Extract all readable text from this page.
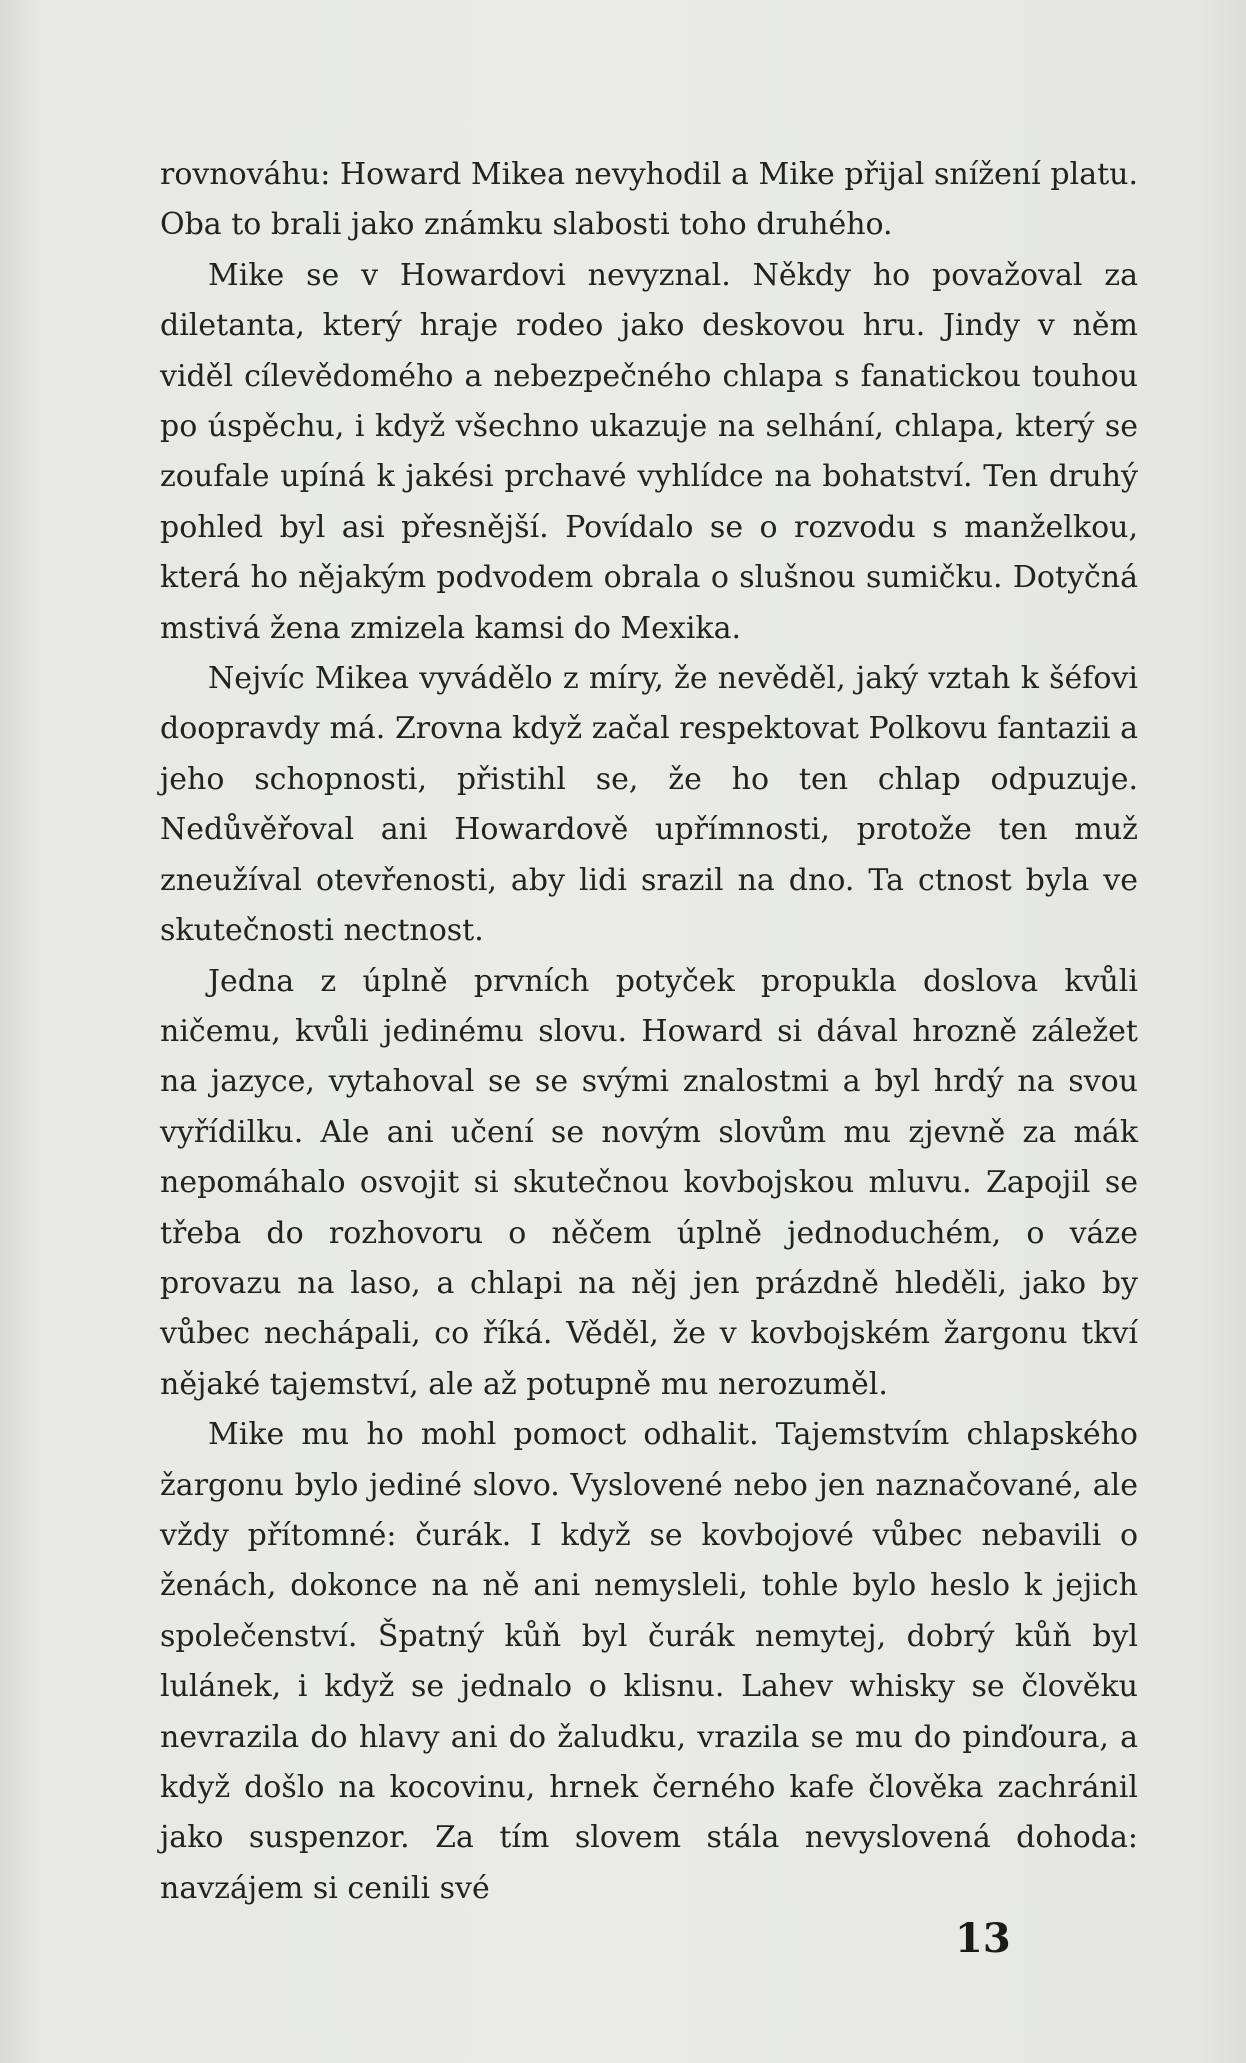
rovnováhu: Howard Mikea nevyhodil a Mike přijal snížení platu. Oba to brali jako známku slabosti toho druhého.

Mike se v Howardovi nevyznal. Někdy ho považoval za diletanta, který hraje rodeo jako deskovou hru. Jindy v něm viděl cílevědomého a nebezpečného chlapa s fanatickou touhou po úspěchu, i když všechno ukazuje na selhání, chlapa, který se zoufale upíná k jakési prchavé vyhlídce na bohatství. Ten druhý pohled byl asi přesnější. Povídalo se o rozvodu s manželkou, která ho nějakým podvodem obrala o slušnou sumičku. Dotyčná mstivá žena zmizela kamsi do Mexika.

Nejvíc Mikea vyvádělo z míry, že nevěděl, jaký vztah k šéfovi doopravdy má. Zrovna když začal respektovat Polkovu fantazii a jeho schopnosti, přistihl se, že ho ten chlap odpuzuje. Nedůvěřoval ani Howardově upřímnosti, protože ten muž zneužíval otevřenosti, aby lidi srazil na dno. Ta ctnost byla ve skutečnosti nectnost.

Jedna z úplně prvních potyček propukla doslova kvůli ničemu, kvůli jedinému slovu. Howard si dával hrozně záležet na jazyce, vytahoval se se svými znalostmi a byl hrdý na svou vyřídilku. Ale ani učení se novým slovům mu zjevně za mák nepomáhalo osvojit si skutečnou kovbojskou mluvu. Zapojil se třeba do rozhovoru o něčem úplně jednoduchém, o váze provazu na laso, a chlapi na něj jen prázdně hleděli, jako by vůbec nechápali, co říká. Věděl, že v kovbojském žargonu tkví nějaké tajemství, ale až potupně mu nerozuměl.

Mike mu ho mohl pomoct odhalit. Tajemstvím chlapského žargonu bylo jediné slovo. Vyslovené nebo jen naznačované, ale vždy přítomné: čurák. I když se kovbojové vůbec nebavili o ženách, dokonce na ně ani nemysleli, tohle bylo heslo k jejich společenství. Špatný kůň byl čurák nemytej, dobrý kůň byl lulánek, i když se jednalo o klisnu. Lahev whisky se člověku nevrazila do hlavy ani do žaludku, vrazila se mu do pinďoura, a když došlo na kocovinu, hrnek černého kafe člověka zachránil jako suspenzor. Za tím slovem stála nevyslovená dohoda: navzájem si cenili své

13
